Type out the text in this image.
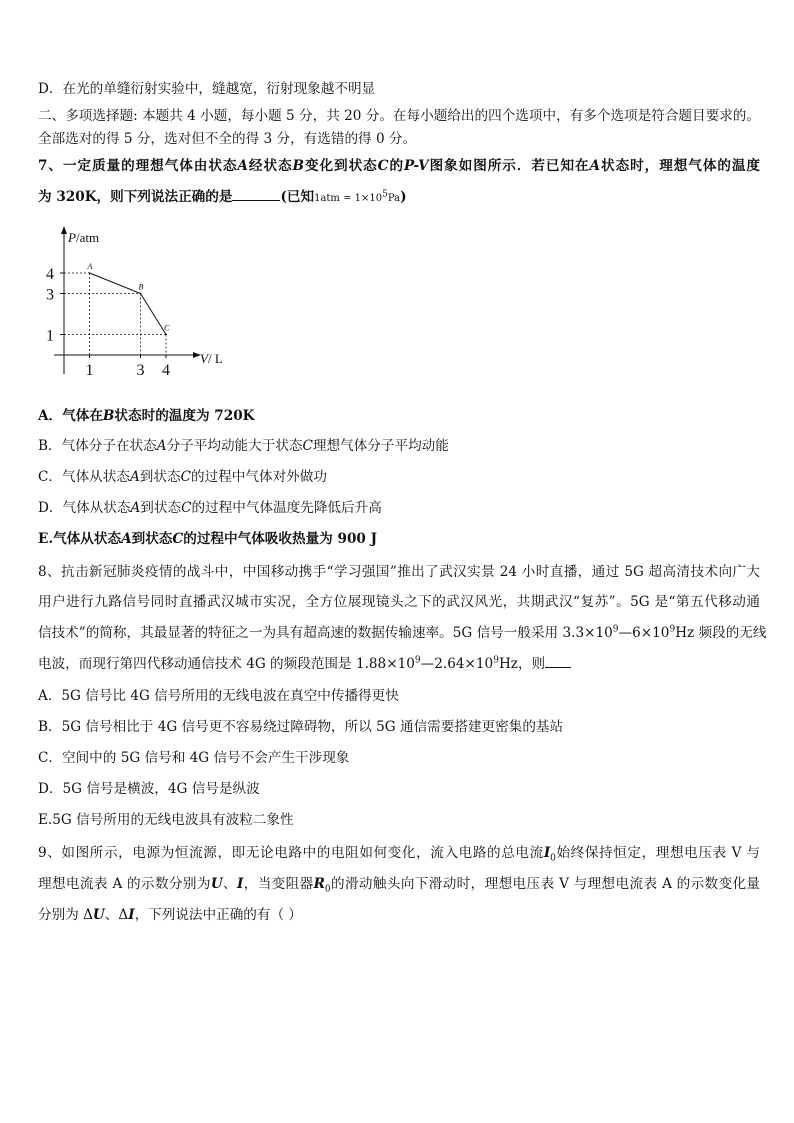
D．在光的单缝衍射实验中，缝越宽，衍射现象越不明显
二、多项选择题: 本题共 4 小题，每小题 5 分，共 20 分。在每小题给出的四个选项中，有多个选项是符合题目要求的。
全部选对的得 5 分，选对但不全的得 3 分，有选错的得 0 分。
7、一定质量的理想气体由状态A经状态B变化到状态C的P-V图象如图所示．若已知在A状态时，理想气体的温度
为 320K，则下列说法正确的是	(已知$1atm = 1\times 10^5Pa$)
P/atm
V/ L
4
3
1
1	3 4
A
B
C
A．气体在B状态时的温度为 720K
B．气体分子在状态A分子平均动能大于状态C理想气体分子平均动能
C．气体从状态A到状态C的过程中气体对外做功
D．气体从状态A到状态C的过程中气体温度先降低后升高
E.气体从状态A到状态C的过程中气体吸收热量为 900 J
8、抗击新冠肺炎疫情的战斗中，中国移动携手“学习强国”推出了武汉实景 24 小时直播，通过 5G 超高清技术向广大
用户进行九路信号同时直播武汉城市实况，全方位展现镜头之下的武汉风光，共期武汉“复苏”。5G 是“第五代移动通
信技术”的简称，其最显著的特征之一为具有超高速的数据传输速率。5G 信号一般采用 $3.3\times 10^9—6\times 10^9Hz$ 频段的无线
电波，而现行第四代移动通信技术 4G 的频段范围是 $1.88\times 10^9—2.64\times 10^9Hz$，则
A．5G 信号比 4G 信号所用的无线电波在真空中传播得更快
B．5G 信号相比于 4G 信号更不容易绕过障碍物，所以 5G 通信需要搭建更密集的基站
C．空间中的 5G 信号和 4G 信号不会产生干涉现象
D．5G 信号是横波，4G 信号是纵波
E.5G 信号所用的无线电波具有波粒二象性
9、如图所示，电源为恒流源，即无论电路中的电阻如何变化，流入电路的总电流$I_0$始终保持恒定，理想电压表 V 与
理想电流表 A 的示数分别为U、I，当变阻器$R_0$的滑动触头向下滑动时，理想电压表 V 与理想电流表 A 的示数变化量
分别为 ΔU、ΔI，下列说法中正确的有（ ）
